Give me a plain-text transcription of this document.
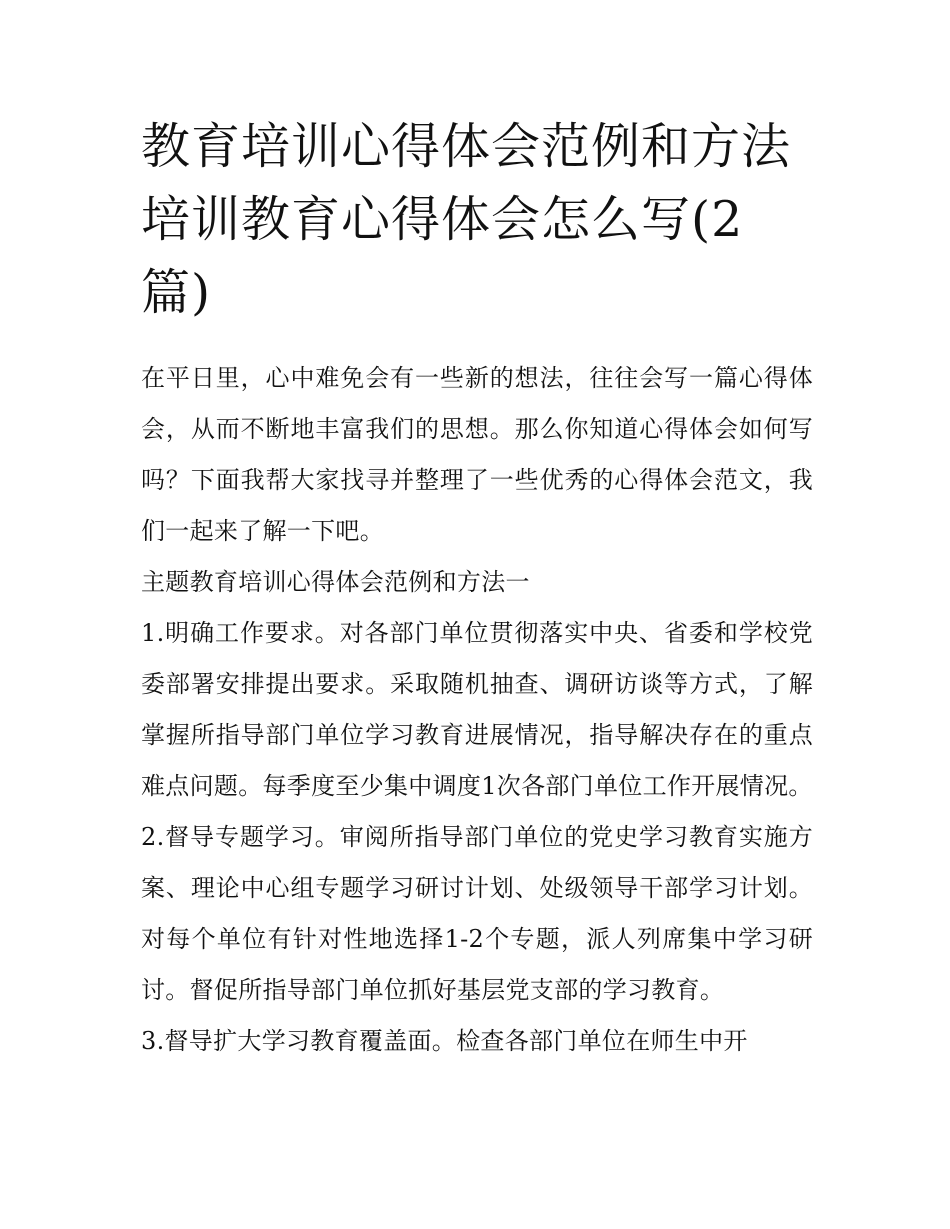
教育培训心得体会范例和方法培训教育心得体会怎么写(2篇)

在平日里，心中难免会有一些新的想法，往往会写一篇心得体会，从而不断地丰富我们的思想。那么你知道心得体会如何写吗？下面我帮大家找寻并整理了一些优秀的心得体会范文，我们一起来了解一下吧。

主题教育培训心得体会范例和方法一

1.明确工作要求。对各部门单位贯彻落实中央、省委和学校党委部署安排提出要求。采取随机抽查、调研访谈等方式，了解掌握所指导部门单位学习教育进展情况，指导解决存在的重点难点问题。每季度至少集中调度1次各部门单位工作开展情况。

2.督导专题学习。审阅所指导部门单位的党史学习教育实施方案、理论中心组专题学习研讨计划、处级领导干部学习计划。对每个单位有针对性地选择1-2个专题，派人列席集中学习研讨。督促所指导部门单位抓好基层党支部的学习教育。

3.督导扩大学习教育覆盖面。检查各部门单位在师生中开
